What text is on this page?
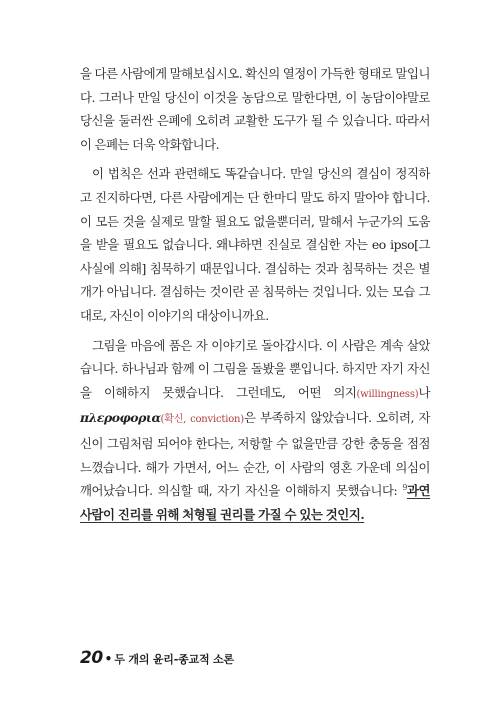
을 다른 사람에게 말해보십시오. 확신의 열정이 가득한 형태로 말입니다. 그러나 만일 당신이 이것을 농담으로 말한다면, 이 농담이야말로 당신을 둘러싼 은폐에 오히려 교활한 도구가 될 수 있습니다. 따라서 이 은폐는 더욱 악화합니다.

이 법칙은 선과 관련해도 똑같습니다. 만일 당신의 결심이 정직하고 진지하다면, 다른 사람에게는 단 한마디 말도 하지 말아야 합니다. 이 모든 것을 실제로 말할 필요도 없을뿐더러, 말해서 누군가의 도움을 받을 필요도 없습니다. 왜냐하면 진실로 결심한 자는 eo ipso[그 사실에 의해] 침묵하기 때문입니다. 결심하는 것과 침묵하는 것은 별개가 아닙니다. 결심하는 것이란 곧 침묵하는 것입니다. 있는 모습 그대로, 자신이 이야기의 대상이니까요.

그림을 마음에 품은 자 이야기로 돌아갑시다. 이 사람은 계속 살았습니다. 하나님과 함께 이 그림을 돌봤을 뿐입니다. 하지만 자기 자신을 이해하지 못했습니다. 그런데도, 어떤 의지(willingness)나 πλεροφορια(확신, conviction)은 부족하지 않았습니다. 오히려, 자신이 그림처럼 되어야 한다는, 저항할 수 없을만큼 강한 충동을 점점 느꼈습니다. 해가 가면서, 어느 순간, 이 사람의 영혼 가운데 의심이 깨어났습니다. 의심할 때, 자기 자신을 이해하지 못했습니다: $^9$과연 사람이 진리를 위해 처형될 권리를 가질 수 있는 것인지.

20 • 두 개의 윤리-종교적 소론
